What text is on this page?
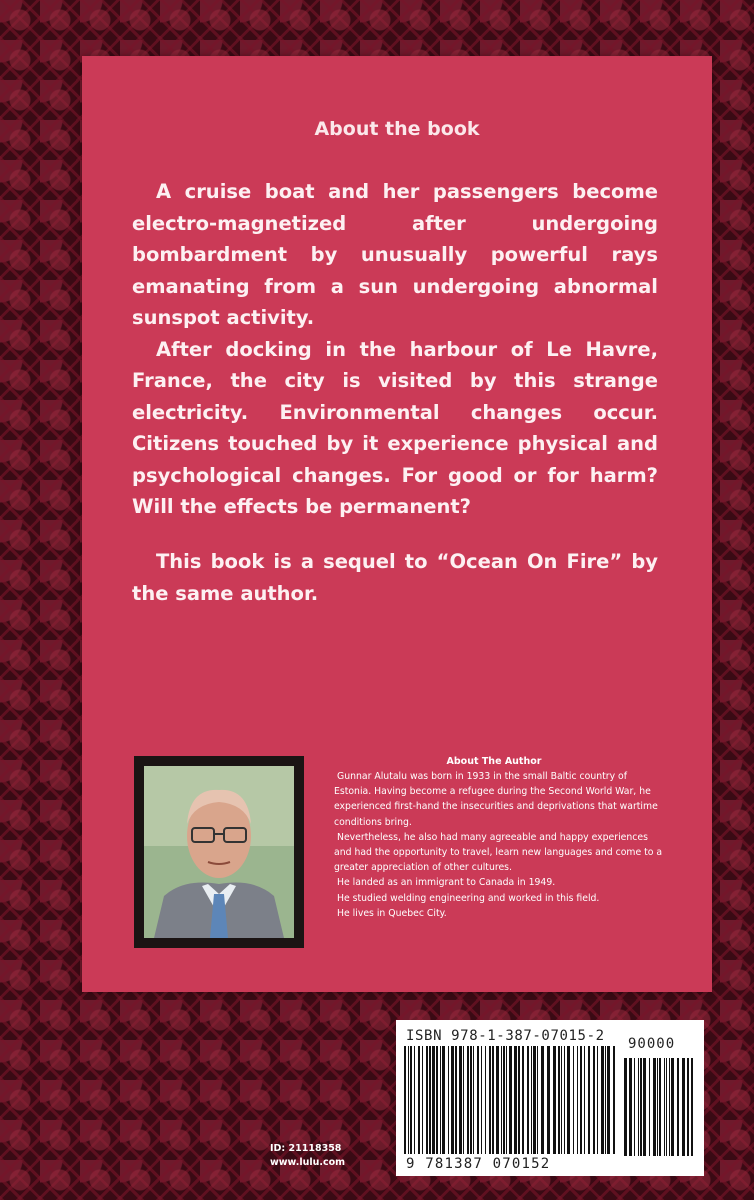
About the book

A cruise boat and her passengers become electro-magnetized after undergoing bombardment by unusually powerful rays emanating from a sun undergoing abnormal sunspot activity.

After docking in the harbour of Le Havre, France, the city is visited by this strange electricity. Environmental changes occur. Citizens touched by it experience physical and psychological changes. For good or for harm? Will the effects be permanent?

This book is a sequel to “Ocean On Fire” by the same author.

About The Author

Gunnar Alutalu was born in 1933 in the small Baltic country of Estonia. Having become a refugee during the Second World War, he experienced first-hand the insecurities and deprivations that wartime conditions bring.

Nevertheless, he also had many agreeable and happy experiences and had the opportunity to travel, learn new languages and come to a greater appreciation of other cultures.

He landed as an immigrant to Canada in 1949.

He studied welding engineering and worked in this field.

He lives in Quebec City.

ID: 21118358
www.lulu.com
ISBN 978-1-387-07015-2 90000
9 781387 070152
